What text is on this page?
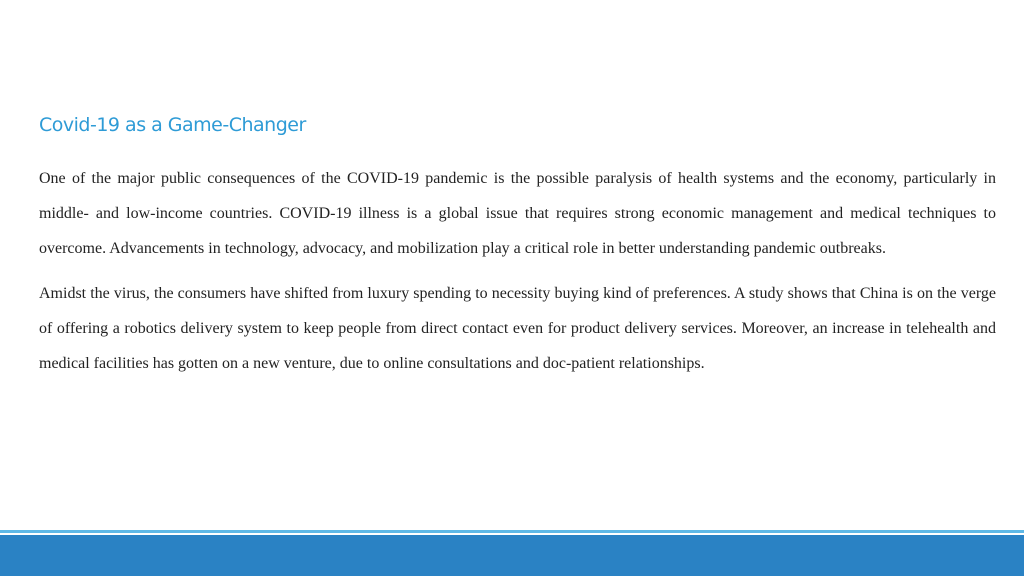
Covid-19 as a Game-Changer

One of the major public consequences of the COVID-19 pandemic is the possible paralysis of health systems and the economy, particularly in middle- and low-income countries. COVID-19 illness is a global issue that requires strong economic management and medical techniques to overcome. Advancements in technology, advocacy, and mobilization play a critical role in better understanding pandemic outbreaks.

Amidst the virus, the consumers have shifted from luxury spending to necessity buying kind of preferences. A study shows that China is on the verge of offering a robotics delivery system to keep people from direct contact even for product delivery services. Moreover, an increase in telehealth and medical facilities has gotten on a new venture, due to online consultations and doc-patient relationships.
